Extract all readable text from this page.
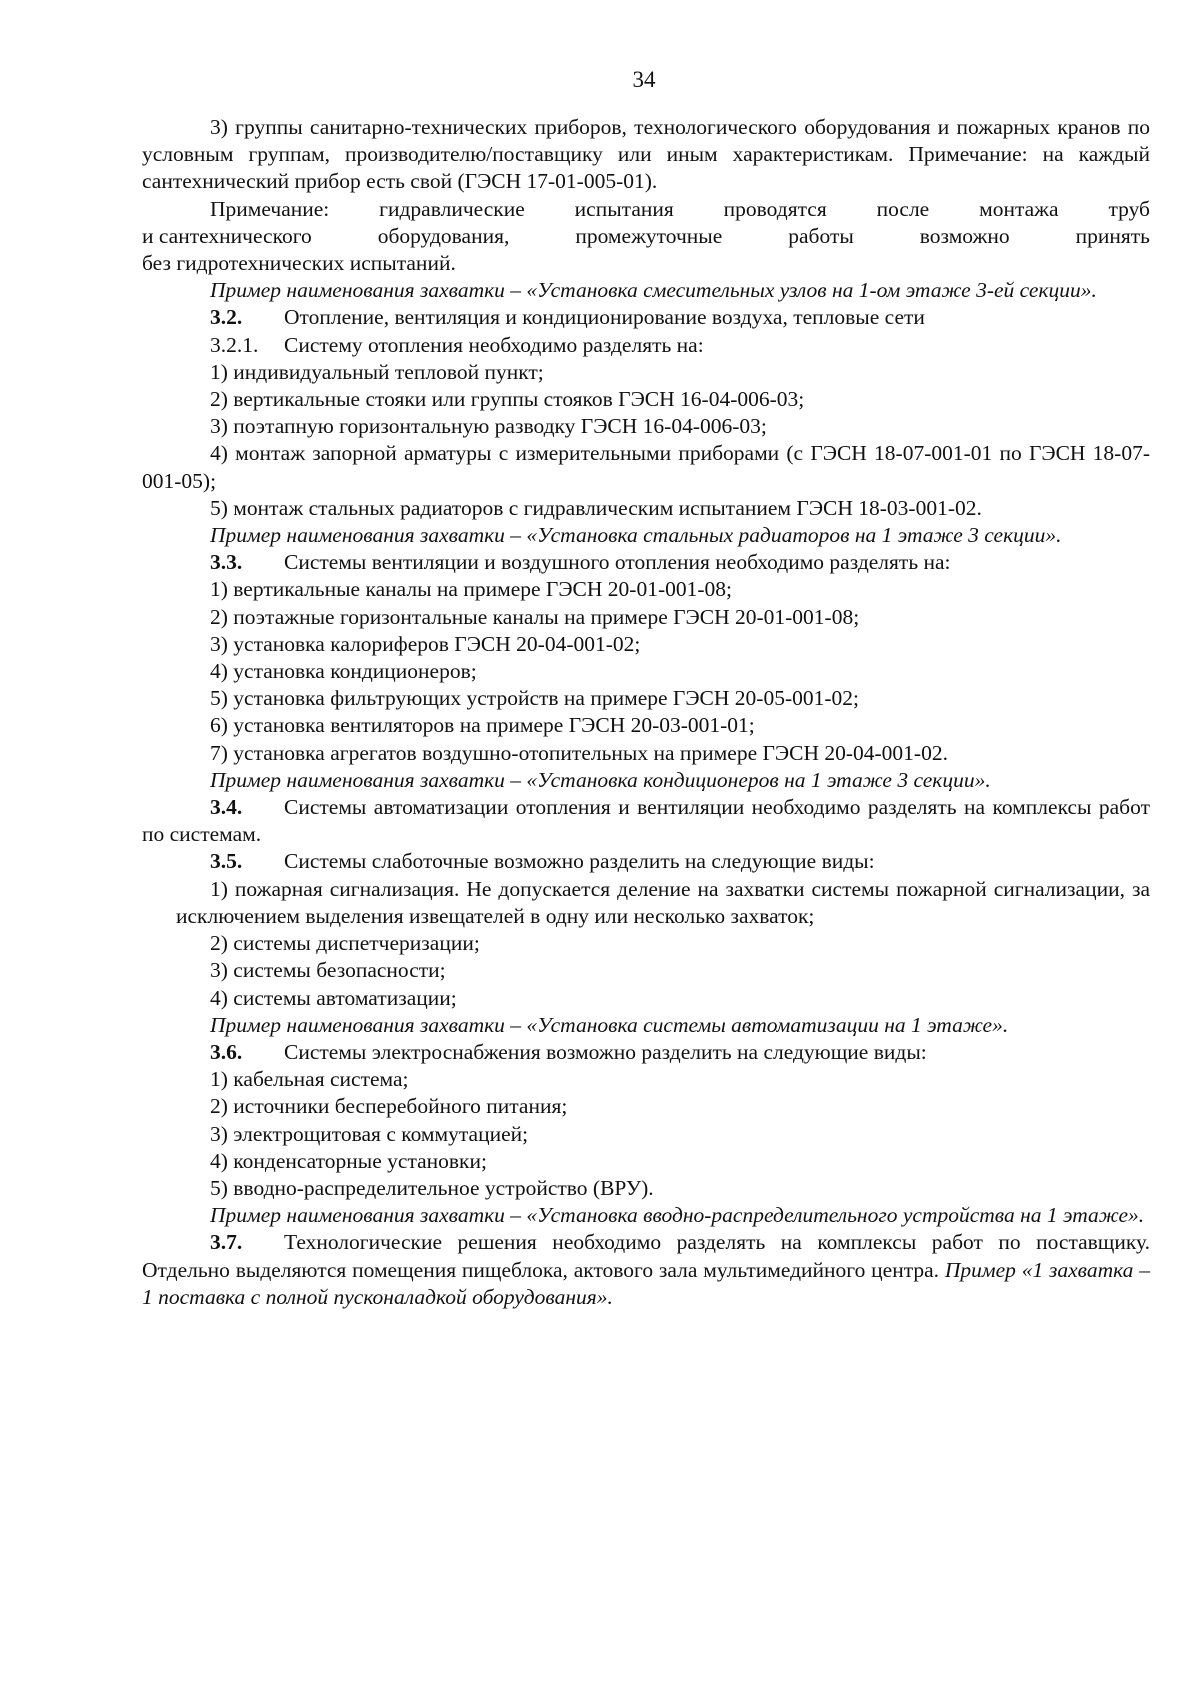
34

3) группы санитарно-технических приборов, технологического оборудования и пожарных кранов по условным группам, производителю/поставщику или иным характеристикам. Примечание: на каждый сантехнический прибор есть свой (ГЭСН 17-01-005-01).

Примечание: гидравлические испытания проводятся после монтажа труб

и сантехнического	оборудования,	промежуточные	работы	возможно	принять

без гидротехнических испытаний.

Пример наименования захватки – «Установка смесительных узлов на 1-ом этаже 3-ей секции».

3.2. Отопление, вентиляция и кондиционирование воздуха, тепловые сети

3.2.1. Систему отопления необходимо разделять на:

1) индивидуальный тепловой пункт;

2) вертикальные стояки или группы стояков ГЭСН 16-04-006-03;

3) поэтапную горизонтальную разводку ГЭСН 16-04-006-03;

4) монтаж запорной арматуры с измерительными приборами (с ГЭСН 18-07-001-01 по ГЭСН 18-07-001-05);

5) монтаж стальных радиаторов с гидравлическим испытанием ГЭСН 18-03-001-02.

Пример наименования захватки – «Установка стальных радиаторов на 1 этаже 3 секции».

3.3. Системы вентиляции и воздушного отопления необходимо разделять на:

1) вертикальные каналы на примере ГЭСН 20-01-001-08;

2) поэтажные горизонтальные каналы на примере ГЭСН 20-01-001-08;

3) установка калориферов ГЭСН 20-04-001-02;

4) установка кондиционеров;

5) установка фильтрующих устройств на примере ГЭСН 20-05-001-02;

6) установка вентиляторов на примере ГЭСН 20-03-001-01;

7) установка агрегатов воздушно-отопительных на примере ГЭСН 20-04-001-02.

Пример наименования захватки – «Установка кондиционеров на 1 этаже 3 секции».

3.4. Системы автоматизации отопления и вентиляции необходимо разделять на комплексы работ по системам.

3.5. Системы слаботочные возможно разделить на следующие виды:

1) пожарная сигнализация. Не допускается деление на захватки системы пожарной сигнализации, за исключением выделения извещателей в одну или несколько захваток;

2) системы диспетчеризации;

3) системы безопасности;

4) системы автоматизации;

Пример наименования захватки – «Установка системы автоматизации на 1 этаже».

3.6. Системы электроснабжения возможно разделить на следующие виды:

1) кабельная система;

2) источники бесперебойного питания;

3) электрощитовая с коммутацией;

4) конденсаторные установки;

5) вводно-распределительное устройство (ВРУ).

Пример наименования захватки – «Установка вводно-распределительного устройства на 1 этаже».

3.7. Технологические решения необходимо разделять на комплексы работ по поставщику. Отдельно выделяются помещения пищеблока, актового зала мультимедийного центра. Пример «1 захватка – 1 поставка с полной пусконаладкой оборудования».
